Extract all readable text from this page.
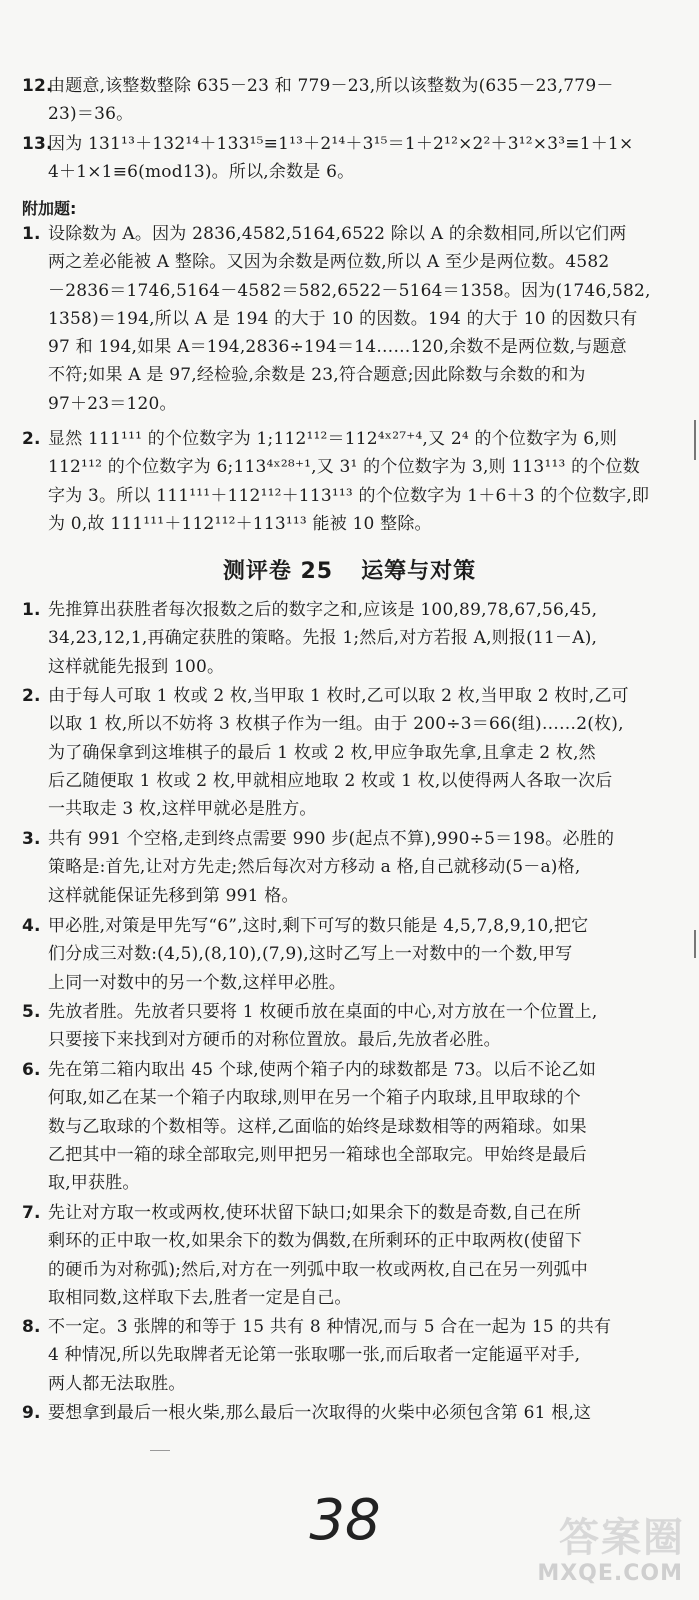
12.由题意,该整数整除 635－23 和 779－23,所以该整数为(635－23,779－
23)＝36。
13.因为 131¹³＋132¹⁴＋133¹⁵≡1¹³＋2¹⁴＋3¹⁵＝1＋2¹²×2²＋3¹²×3³≡1＋1×
4＋1×1≡6(mod13)。所以,余数是 6。
附加题:
1. 设除数为 A。因为 2836,4582,5164,6522 除以 A 的余数相同,所以它们两
两之差必能被 A 整除。又因为余数是两位数,所以 A 至少是两位数。4582
－2836＝1746,5164－4582＝582,6522－5164＝1358。因为(1746,582,
1358)＝194,所以 A 是 194 的大于 10 的因数。194 的大于 10 的因数只有
97 和 194,如果 A＝194,2836÷194＝14……120,余数不是两位数,与题意
不符;如果 A 是 97,经检验,余数是 23,符合题意;因此除数与余数的和为
97＋23＝120。
2. 显然 111¹¹¹ 的个位数字为 1;112¹¹²＝112⁴ˣ²⁷⁺⁴,又 2⁴ 的个位数字为 6,则
112¹¹² 的个位数字为 6;113⁴ˣ²⁸⁺¹,又 3¹ 的个位数字为 3,则 113¹¹³ 的个位数
字为 3。所以 111¹¹¹＋112¹¹²＋113¹¹³ 的个位数字为 1＋6＋3 的个位数字,即
为 0,故 111¹¹¹＋112¹¹²＋113¹¹³ 能被 10 整除。
测评卷 25 运筹与对策
1. 先推算出获胜者每次报数之后的数字之和,应该是 100,89,78,67,56,45,
34,23,12,1,再确定获胜的策略。先报 1;然后,对方若报 A,则报(11－A),
这样就能先报到 100。
2. 由于每人可取 1 枚或 2 枚,当甲取 1 枚时,乙可以取 2 枚,当甲取 2 枚时,乙可
以取 1 枚,所以不妨将 3 枚棋子作为一组。由于 200÷3＝66(组)……2(枚),
为了确保拿到这堆棋子的最后 1 枚或 2 枚,甲应争取先拿,且拿走 2 枚,然
后乙随便取 1 枚或 2 枚,甲就相应地取 2 枚或 1 枚,以使得两人各取一次后
一共取走 3 枚,这样甲就必是胜方。
3. 共有 991 个空格,走到终点需要 990 步(起点不算),990÷5＝198。必胜的
策略是:首先,让对方先走;然后每次对方移动 a 格,自己就移动(5－a)格,
这样就能保证先移到第 991 格。
4. 甲必胜,对策是甲先写“6”,这时,剩下可写的数只能是 4,5,7,8,9,10,把它
们分成三对数:(4,5),(8,10),(7,9),这时乙写上一对数中的一个数,甲写
上同一对数中的另一个数,这样甲必胜。
5. 先放者胜。先放者只要将 1 枚硬币放在桌面的中心,对方放在一个位置上,
只要接下来找到对方硬币的对称位置放。最后,先放者必胜。
6. 先在第二箱内取出 45 个球,使两个箱子内的球数都是 73。以后不论乙如
何取,如乙在某一个箱子内取球,则甲在另一个箱子内取球,且甲取球的个
数与乙取球的个数相等。这样,乙面临的始终是球数相等的两箱球。如果
乙把其中一箱的球全部取完,则甲把另一箱球也全部取完。甲始终是最后
取,甲获胜。
7. 先让对方取一枚或两枚,使环状留下缺口;如果余下的数是奇数,自己在所
剩环的正中取一枚,如果余下的数为偶数,在所剩环的正中取两枚(使留下
的硬币为对称弧);然后,对方在一列弧中取一枚或两枚,自己在另一列弧中
取相同数,这样取下去,胜者一定是自己。
8. 不一定。3 张牌的和等于 15 共有 8 种情况,而与 5 合在一起为 15 的共有
4 种情况,所以先取牌者无论第一张取哪一张,而后取者一定能逼平对手,
两人都无法取胜。
9. 要想拿到最后一根火柴,那么最后一次取得的火柴中必须包含第 61 根,这
38	答案圈
MXQE.COM
